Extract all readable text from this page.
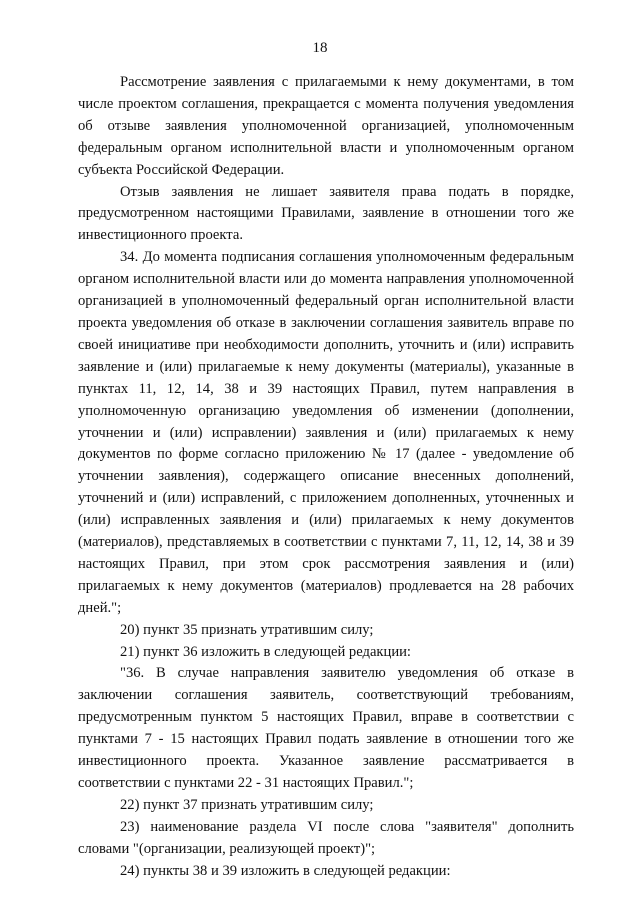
18

Рассмотрение заявления с прилагаемыми к нему документами, в том числе проектом соглашения, прекращается с момента получения уведомления об отзыве заявления уполномоченной организацией, уполномоченным федеральным органом исполнительной власти и уполномоченным органом субъекта Российской Федерации.

Отзыв заявления не лишает заявителя права подать в порядке, предусмотренном настоящими Правилами, заявление в отношении того же инвестиционного проекта.

34. До момента подписания соглашения уполномоченным федеральным органом исполнительной власти или до момента направления уполномоченной организацией в уполномоченный федеральный орган исполнительной власти проекта уведомления об отказе в заключении соглашения заявитель вправе по своей инициативе при необходимости дополнить, уточнить и (или) исправить заявление и (или) прилагаемые к нему документы (материалы), указанные в пунктах 11, 12, 14, 38 и 39 настоящих Правил, путем направления в уполномоченную организацию уведомления об изменении (дополнении, уточнении и (или) исправлении) заявления и (или) прилагаемых к нему документов по форме согласно приложению № 17 (далее - уведомление об уточнении заявления), содержащего описание внесенных дополнений, уточнений и (или) исправлений, с приложением дополненных, уточненных и (или) исправленных заявления и (или) прилагаемых к нему документов (материалов), представляемых в соответствии с пунктами 7, 11, 12, 14, 38 и 39 настоящих Правил, при этом срок рассмотрения заявления и (или) прилагаемых к нему документов (материалов) продлевается на 28 рабочих дней.";

20) пункт 35 признать утратившим силу;

21) пункт 36 изложить в следующей редакции:

"36. В случае направления заявителю уведомления об отказе в заключении соглашения заявитель, соответствующий требованиям, предусмотренным пунктом 5 настоящих Правил, вправе в соответствии с пунктами 7 - 15 настоящих Правил подать заявление в отношении того же инвестиционного проекта. Указанное заявление рассматривается в соответствии с пунктами 22 - 31 настоящих Правил.";

22) пункт 37 признать утратившим силу;

23) наименование раздела VI после слова "заявителя" дополнить словами "(организации, реализующей проект)";

24) пункты 38 и 39 изложить в следующей редакции:
